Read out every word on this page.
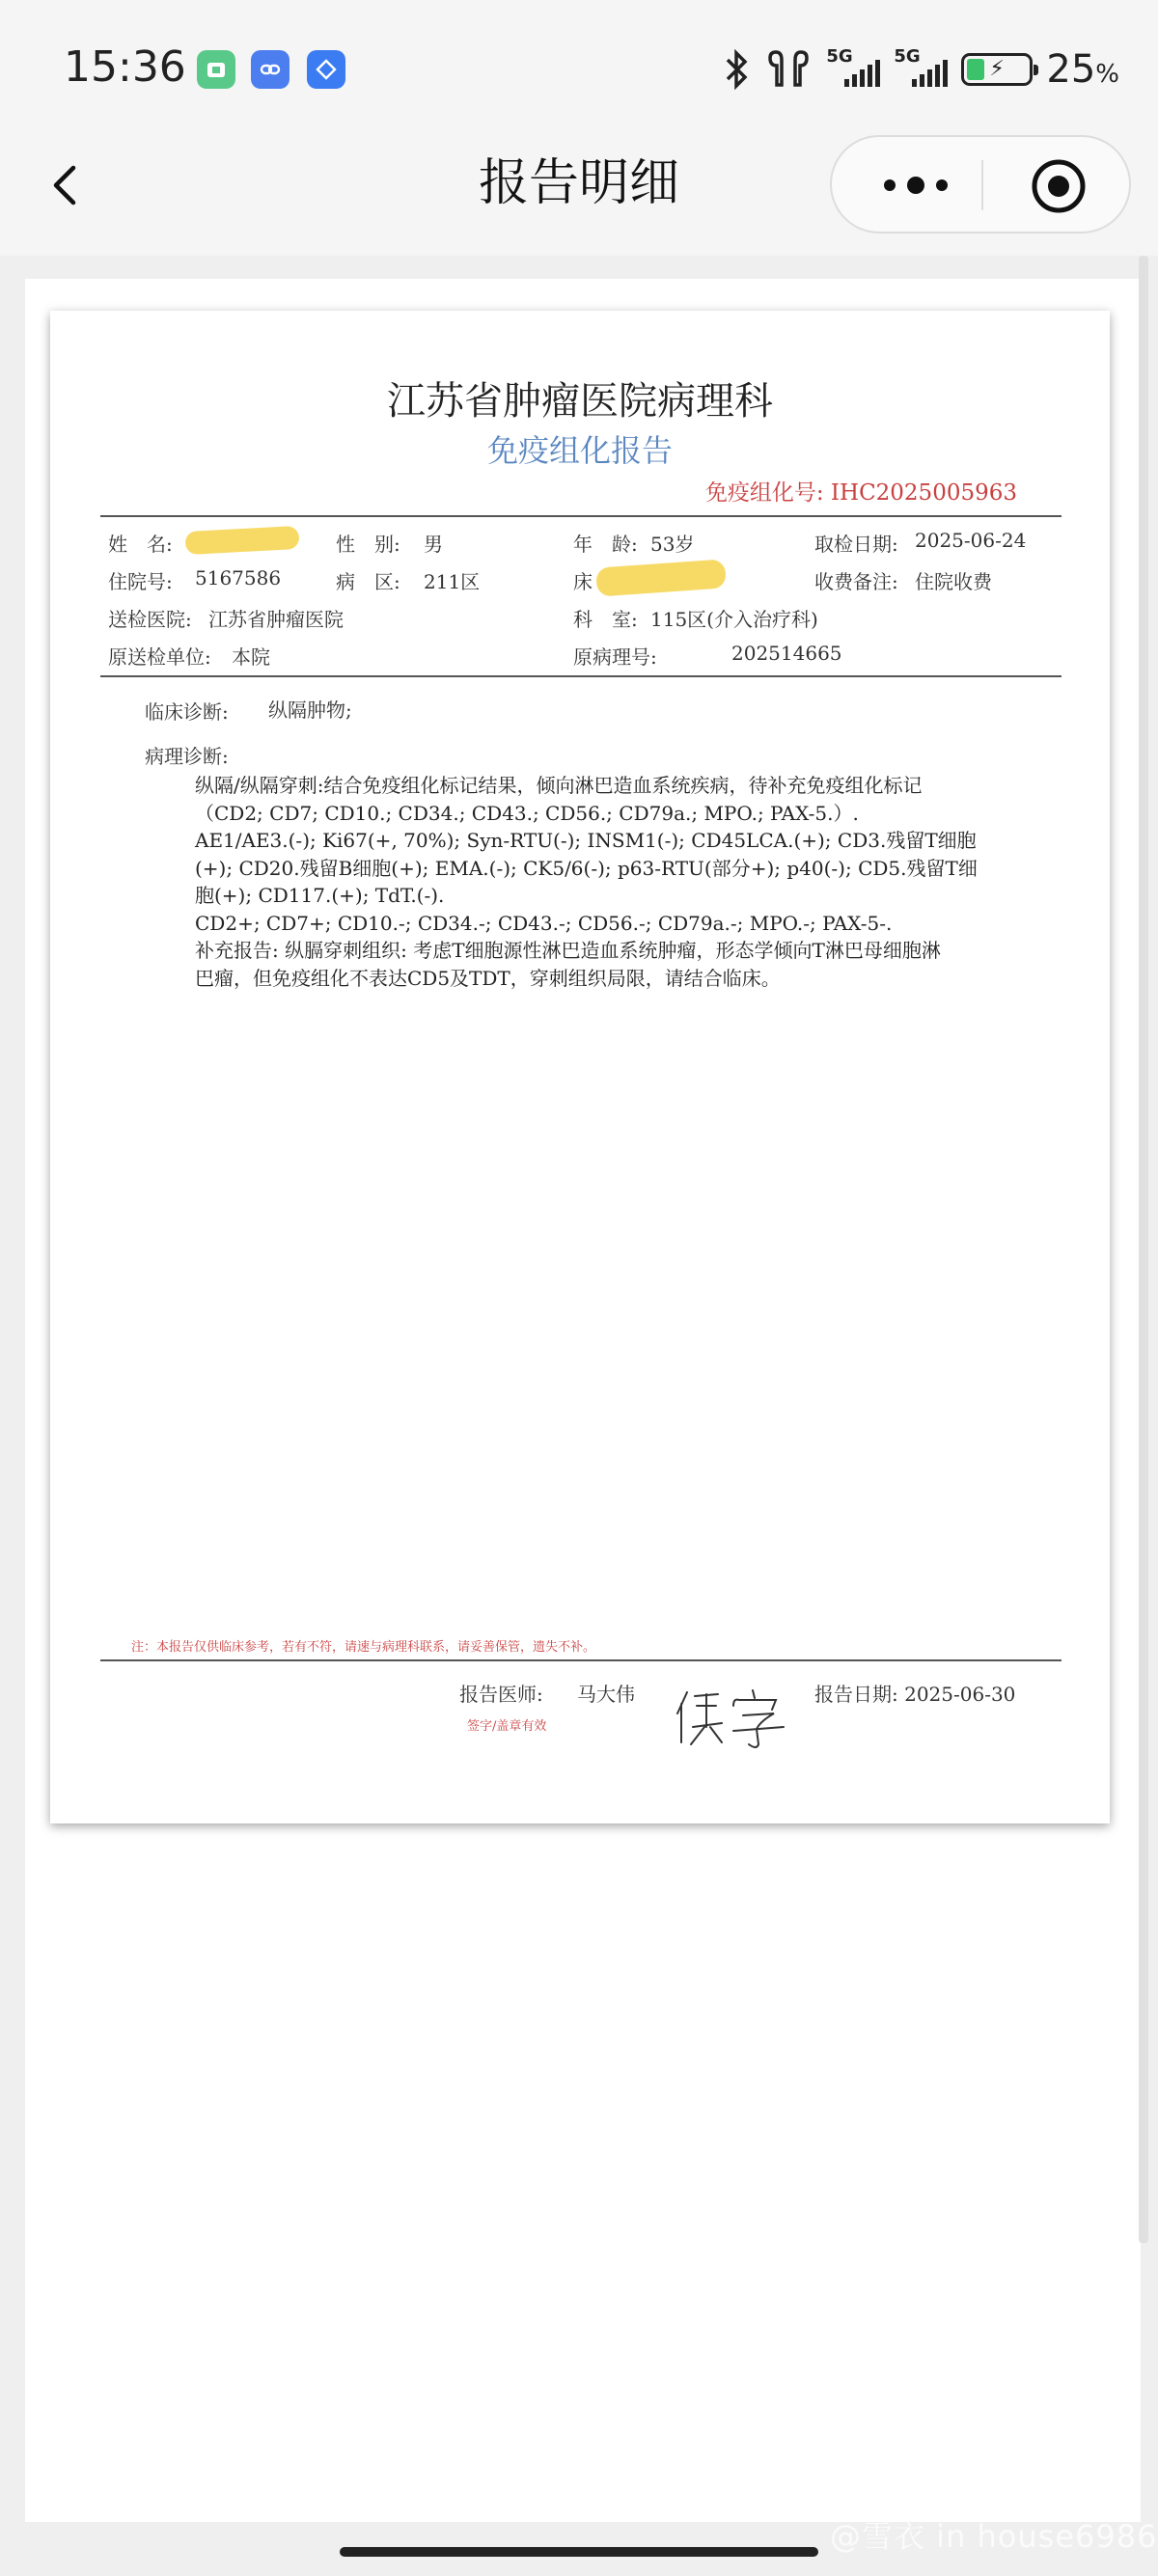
15:36	5G 5G
⚡ 25%
报告明细
江苏省肿瘤医院病理科
免疫组化报告
免疫组化号: IHC2025005963
姓　名:	性　别: 男	年　龄: 53岁	取检日期: 2025-06-24
住院号: 5167586	病　区: 211区	床	收费备注: 住院收费
送检医院: 江苏省肿瘤医院	科　室: 115区(介入治疗科)
原送检单位: 本院	原病理号:	202514665
临床诊断: 纵隔肿物;
病理诊断:
纵隔/纵隔穿刺:结合免疫组化标记结果，倾向淋巴造血系统疾病，待补充免疫组化标记
（CD2; CD7; CD10.; CD34.; CD43.; CD56.; CD79a.; MPO.; PAX-5.）.
AE1/AE3.(-); Ki67(+, 70%); Syn-RTU(-); INSM1(-); CD45LCA.(+); CD3.残留T细胞
(+); CD20.残留B细胞(+); EMA.(-); CK5/6(-); p63-RTU(部分+); p40(-); CD5.残留T细
胞(+); CD117.(+); TdT.(-).
CD2+; CD7+; CD10.-; CD34.-; CD43.-; CD56.-; CD79a.-; MPO.-; PAX-5-.
补充报告: 纵膈穿刺组织: 考虑T细胞源性淋巴造血系统肿瘤，形态学倾向T淋巴母细胞淋
巴瘤，但免疫组化不表达CD5及TDT，穿刺组织局限，请结合临床。
注：本报告仅供临床参考，若有不符，请速与病理科联系，请妥善保管，遗失不补。
报告医师: 马大伟	报告日期: 2025-06-30
签字/盖章有效
@雪衣 in house6986
